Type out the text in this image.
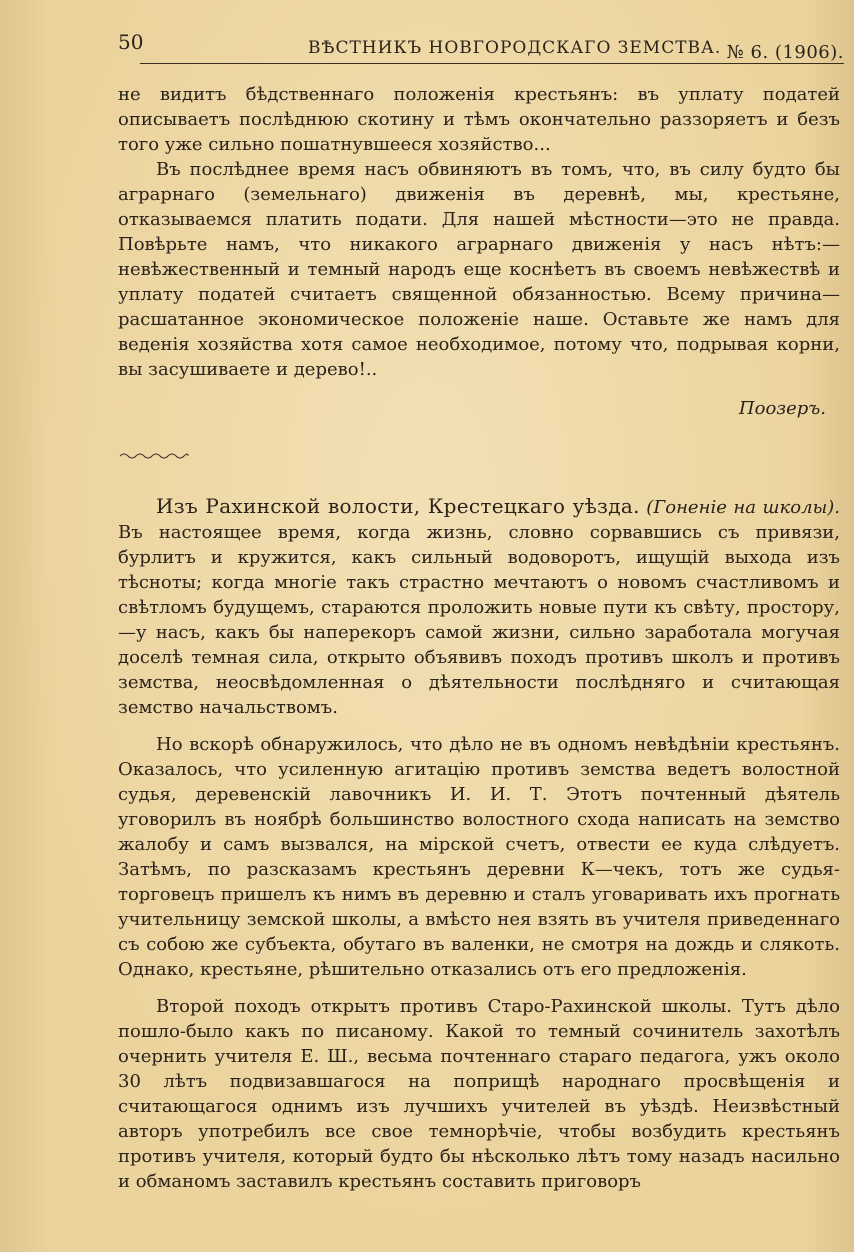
50	ВѢСТНИКЪ НОВГОРОДСКАГО ЗЕМСТВА. № 6. (1906).

не видитъ бѣдственнаго положенія крестьянъ: въ уплату податей описываетъ послѣднюю скотину и тѣмъ окончательно раззоряетъ и безъ того уже сильно пошатнувшееся хозяйство...

Въ послѣднее время насъ обвиняютъ въ томъ, что, въ силу будто бы аграрнаго (земельнаго) движенія въ деревнѣ, мы, крестьяне, отказываемся платить подати. Для нашей мѣстности—это не правда. Повѣрьте намъ, что никакого аграрнаго движенія у насъ нѣтъ:—невѣжественный и темный народъ еще коснѣетъ въ своемъ невѣжествѣ и уплату податей считаетъ священной обязанностью. Всему причина—расшатанное экономическое положеніе наше. Оставьте же намъ для веденія хозяйства хотя самое необходимое, потому что, подрывая корни, вы засушиваете и дерево!..

Поозеръ.

Изъ Рахинской волости, Крестецкаго уѣзда. (Гоненіе на школы). Въ настоящее время, когда жизнь, словно сорвавшись съ привязи, бурлитъ и кружится, какъ сильный водоворотъ, ищущій выхода изъ тѣсноты; когда многіе такъ страстно мечтаютъ о новомъ счастливомъ и свѣтломъ будущемъ, стараются проложить новые пути къ свѣту, простору,—у насъ, какъ бы наперекоръ самой жизни, сильно заработала могучая доселѣ темная сила, открыто объявивъ походъ противъ школъ и противъ земства, неосвѣдомленная о дѣятельности послѣдняго и считающая земство начальствомъ.

Но вскорѣ обнаружилось, что дѣло не въ одномъ невѣдѣніи крестьянъ. Оказалось, что усиленную агитацію противъ земства ведетъ волостной судья, деревенскій лавочникъ И. И. Т. Этотъ почтенный дѣятель уговорилъ въ ноябрѣ большинство волостного схода написать на земство жалобу и самъ вызвался, на мірской счетъ, отвести ее куда слѣдуетъ. Затѣмъ, по разсказамъ крестьянъ деревни К—чекъ, тотъ же судья-торговецъ пришелъ къ нимъ въ деревню и сталъ уговаривать ихъ прогнать учительницу земской школы, а вмѣсто нея взять въ учителя приведеннаго съ собою же субъекта, обутаго въ валенки, не смотря на дождь и слякоть. Однако, крестьяне, рѣшительно отказались отъ его предложенія.

Второй походъ открытъ противъ Старо-Рахинской школы. Тутъ дѣло пошло-было какъ по писаному. Какой то темный сочинитель захотѣлъ очернить учителя Е. Ш., весьма почтеннаго стараго педагога, ужъ около 30 лѣтъ подвизавшагося на поприщѣ народнаго просвѣщенія и считающагося однимъ изъ лучшихъ учителей въ уѣздѣ. Неизвѣстный авторъ употребилъ все свое темнорѣчіе, чтобы возбудить крестьянъ противъ учителя, который будто бы нѣсколько лѣтъ тому назадъ насильно и обманомъ заставилъ крестьянъ составить приговоръ
